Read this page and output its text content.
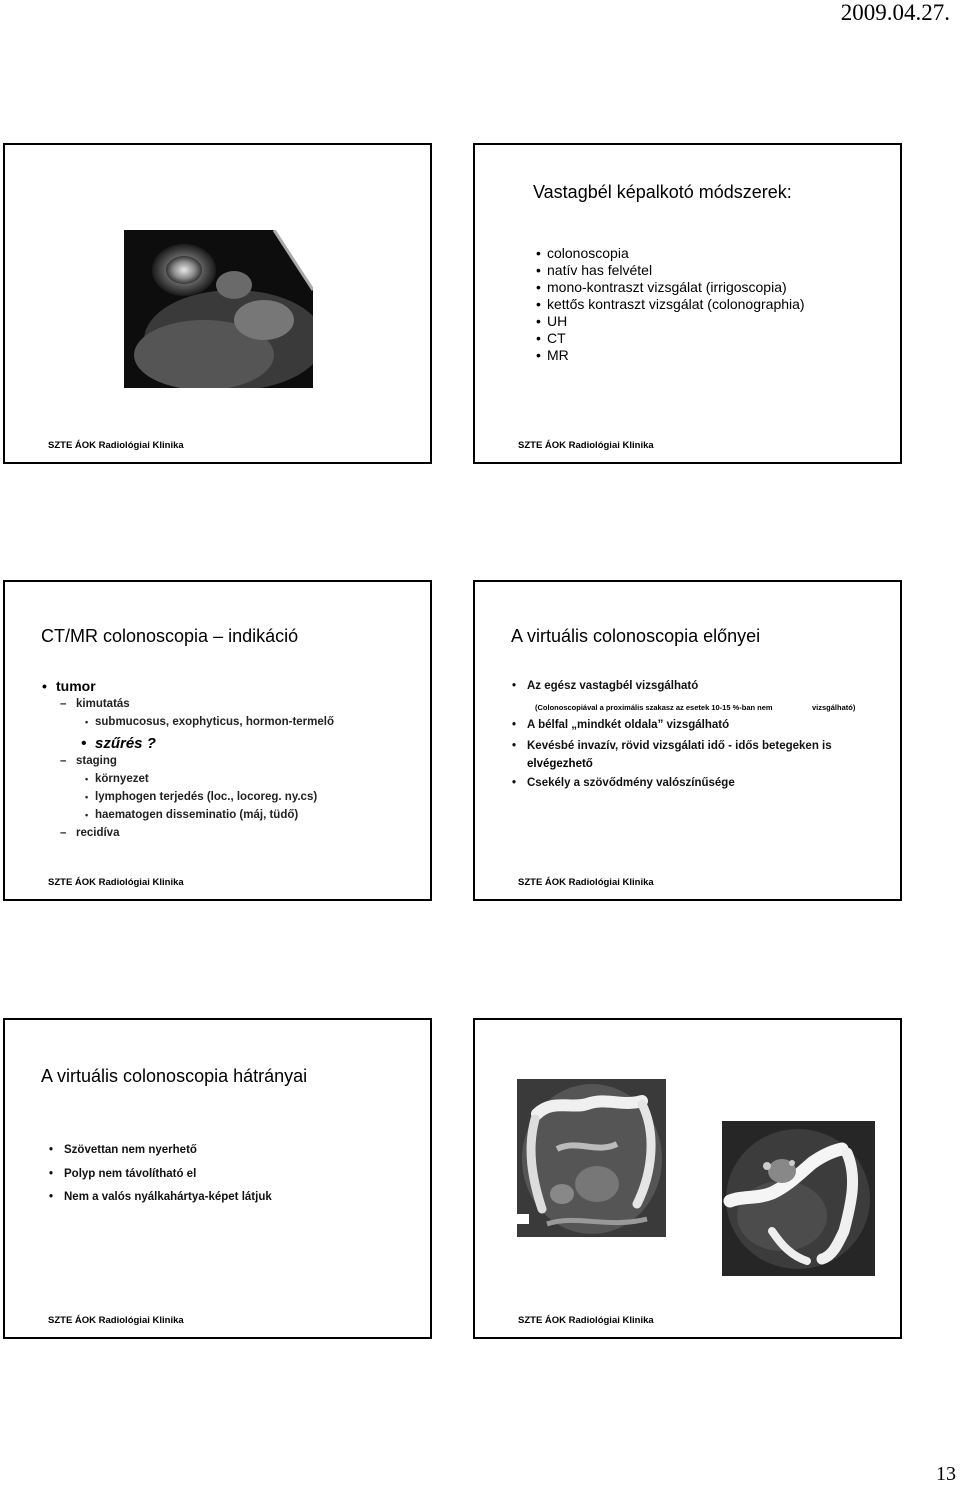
2009.04.27.
SZTE ÁOK Radiológiai Klinika
Vastagbél képalkotó módszerek:
• colonoscopia
• natív has felvétel
• mono-kontraszt vizsgálat (irrigoscopia)
• kettős kontraszt vizsgálat (colonographia)
• UH
• CT
• MR
SZTE ÁOK Radiológiai Klinika
CT/MR colonoscopia – indikáció
• tumor
– kimutatás
• submucosus, exophyticus, hormon-termelő
• szűrés ?
– staging
• környezet
• lymphogen terjedés (loc., locoreg. ny.cs)
• haematogen disseminatio (máj, tüdő)
– recidíva
SZTE ÁOK Radiológiai Klinika
A virtuális colonoscopia előnyei
• Az egész vastagbél vizsgálható
(Colonoscopiával a proximális szakasz az esetek 10-15 %-ban nem	vizsgálható)
• A bélfal „mindkét oldala” vizsgálható
• Kevésbé invazív, rövid vizsgálati idő - idős betegeken is
elvégezhető
• Csekély a szövődmény valószínűsége
SZTE ÁOK Radiológiai Klinika
A virtuális colonoscopia hátrányai
• Szövettan nem nyerhető
• Polyp nem távolítható el
• Nem a valós nyálkahártya-képet látjuk
SZTE ÁOK Radiológiai Klinika	SZTE ÁOK Radiológiai Klinika
13
